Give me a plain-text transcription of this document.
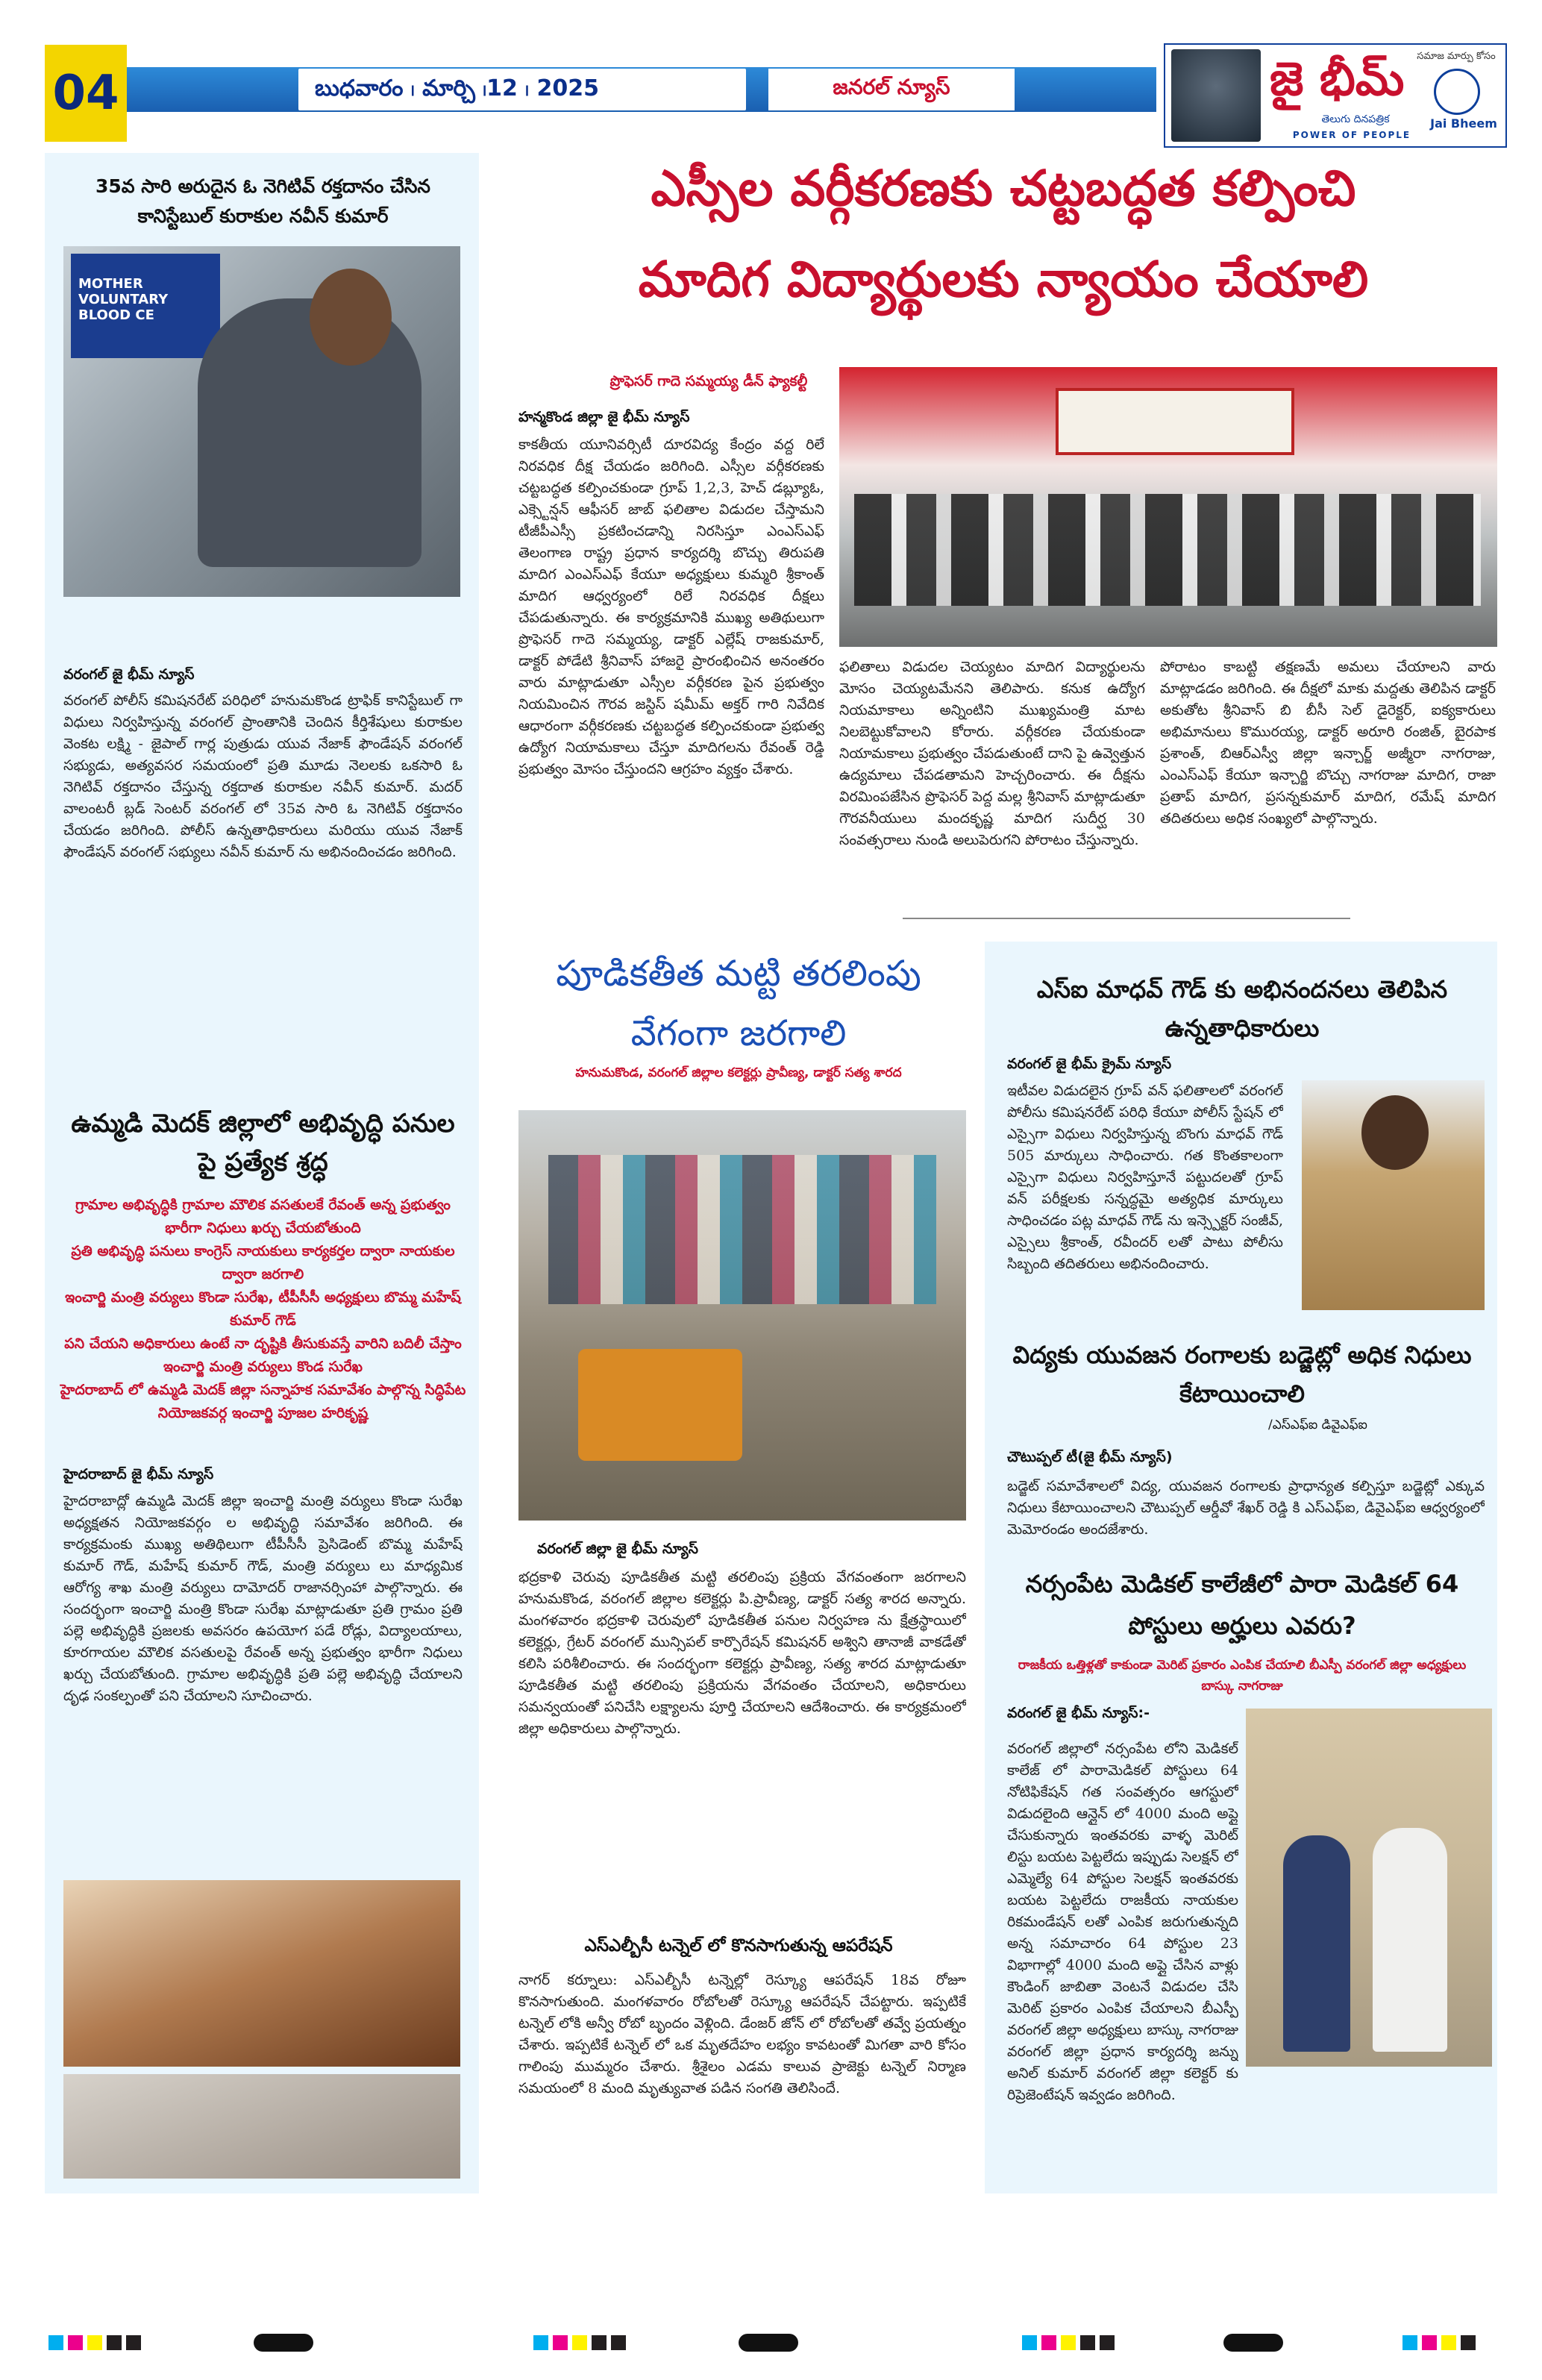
04	బుధవారం ၊ మార్చి ၊12 ၊ 2025	జనరల్ న్యూస్
సమాజ మార్పు కోసం
జై భీమ్
Jai Bheem
తెలుగు దినపత్రిక
POWER OF PEOPLE
35వ సారి అరుదైన ఓ నెగిటివ్ రక్తదానం చేసిన కానిస్టేబుల్ కురాకుల నవీన్ కుమార్
MOTHER
VOLUNTARY
BLOOD CE
వరంగల్ జై భీమ్ న్యూస్
వరంగల్ పోలీస్ కమిషనరేట్ పరిధిలో హనుమకొండ ట్రాఫిక్ కానిస్టేబుల్ గా విధులు నిర్వహిస్తున్న వరంగల్ ప్రాంతానికి చెందిన కీర్తిశేషులు కురాకుల వెంకట లక్ష్మి - జైపాల్ గార్ల పుత్రుడు యువ నేజాక్ ఫౌండేషన్ వరంగల్ సభ్యుడు, అత్యవసర సమయంలో ప్రతి మూడు నెలలకు ఒకసారి ఓ నెగిటివ్ రక్తదానం చేస్తున్న రక్తదాత కురాకుల నవీన్ కుమార్. మదర్ వాలంటరీ బ్లడ్ సెంటర్ వరంగల్ లో 35వ సారి ఓ నెగిటివ్ రక్తదానం చేయడం జరిగింది. పోలీస్ ఉన్నతాధికారులు మరియు యువ నేజాక్ ఫౌండేషన్ వరంగల్ సభ్యులు నవీన్ కుమార్ ను అభినందించడం జరిగింది.
ఉమ్మడి మెదక్ జిల్లాలో అభివృద్ధి పనుల పై ప్రత్యేక శ్రద్ధ
గ్రామాల అభివృద్ధికి గ్రామాల మౌలిక వసతులకే రేవంత్ అన్న ప్రభుత్వం భారీగా నిధులు ఖర్చు చేయబోతుంది
ప్రతి అభివృద్ధి పనులు కాంగ్రెస్ నాయకులు కార్యకర్తల ద్వారా నాయకుల ద్వారా జరగాలి
ఇంచార్జి మంత్రి వర్యులు కొండా సురేఖ, టీపీసీసీ అధ్యక్షులు బొమ్మ మహేష్ కుమార్ గౌడ్
పని చేయని అధికారులు ఉంటే నా దృష్టికి తీసుకువస్తే వారిని బదిలీ చేస్తాం
ఇంచార్జి మంత్రి వర్యులు కొండ సురేఖ
హైదరాబాద్ లో ఉమ్మడి మెదక్ జిల్లా సన్నాహక సమావేశం పాల్గొన్న సిద్ధిపేట నియోజకవర్గ ఇంచార్జి పూజల హరికృష్ణ
హైదరాబాద్ జై భీమ్ న్యూస్
హైదరాబాద్లో ఉమ్మడి మెదక్ జిల్లా ఇంచార్జి మంత్రి వర్యులు కొండా సురేఖ అధ్యక్షతన నియోజకవర్గం ల అభివృద్ధి సమావేశం జరిగింది. ఈ కార్యక్రమంకు ముఖ్య అతిథిలుగా టీపీసీసీ ప్రెసిడెంట్ బొమ్మ మహేష్ కుమార్ గౌడ్, మహేష్ కుమార్ గౌడ్, మంత్రి వర్యులు లు మాధ్యమిక ఆరోగ్య శాఖ మంత్రి వర్యులు దామోదర్ రాజానర్సింహా పాల్గొన్నారు. ఈ సందర్భంగా ఇంచార్జి మంత్రి కొండా సురేఖ మాట్లాడుతూ ప్రతి గ్రామం ప్రతి పల్లె అభివృద్ధికి ప్రజలకు అవసరం ఉపయోగ పడే రోడ్లు, విద్యాలయాలు, కూరగాయల మౌలిక వసతులపై రేవంత్ అన్న ప్రభుత్వం భారీగా నిధులు ఖర్చు చేయబోతుంది. గ్రామాల అభివృద్ధికి ప్రతి పల్లె అభివృద్ధి చేయాలని దృఢ సంకల్పంతో పని చేయాలని సూచించారు.
ఎస్సీల వర్గీకరణకు చట్టబద్ధత కల్పించి
మాదిగ విద్యార్థులకు న్యాయం చేయాలి
ప్రొఫెసర్ గాదె సమ్మయ్య డీన్ ఫ్యాకల్టీ
హన్మకొండ జిల్లా జై భీమ్ న్యూస్
కాకతీయ యూనివర్సిటీ దూరవిద్య కేంద్రం వద్ద రిలే నిరవధిక దీక్ష చేయడం జరిగింది. ఎస్సీల వర్గీకరణకు చట్టబద్ధత కల్పించకుండా గ్రూప్ 1,2,3, హెచ్ డబ్ల్యూఓ, ఎక్స్టెన్షన్ ఆఫీసర్ జాబ్ ఫలితాల విడుదల చేస్తామని టీజీపీఎస్సీ ప్రకటించడాన్ని నిరసిస్తూ ఎంఎస్ఎఫ్ తెలంగాణ రాష్ట్ర ప్రధాన కార్యదర్శి బొచ్చు తిరుపతి మాదిగ ఎంఎస్ఎఫ్ కేయూ అధ్యక్షులు కుమ్మరి శ్రీకాంత్ మాదిగ ఆధ్వర్యంలో రిలే నిరవధిక దీక్షలు చేపడుతున్నారు. ఈ కార్యక్రమానికి ముఖ్య అతిథులుగా ప్రొఫెసర్ గాదె సమ్మయ్య, డాక్టర్ ఎల్లేష్ రాజకుమార్, డాక్టర్ పోడేటి శ్రీనివాస్ హాజరై ప్రారంభించిన అనంతరం వారు మాట్లాడుతూ ఎస్సీల వర్గీకరణ పైన ప్రభుత్వం నియమించిన గౌరవ జస్టిస్ షమీమ్ అక్తర్ గారి నివేదిక ఆధారంగా వర్గీకరణకు చట్టబద్ధత కల్పించకుండా ప్రభుత్వ ఉద్యోగ నియామకాలు చేస్తూ మాదిగలను రేవంత్ రెడ్డి ప్రభుత్వం మోసం చేస్తుందని ఆగ్రహం వ్యక్తం చేశారు.
ఫలితాలు విడుదల చెయ్యటం మాదిగ విద్యార్థులను మోసం చెయ్యటమేనని తెలిపారు. కనుక ఉద్యోగ నియమాకాలు అన్నింటిని ముఖ్యమంత్రి మాట నిలబెట్టుకోవాలని కోరారు. వర్గీకరణ చేయకుండా నియామకాలు ప్రభుత్వం చేపడుతుంటే దాని పై ఉవ్వెత్తున ఉద్యమాలు చేపడతామని హెచ్చరించారు. ఈ దీక్షను విరమింపజేసిన ప్రొఫెసర్ పెద్ద మల్ల శ్రీనివాస్ మాట్లాడుతూ గౌరవనీయులు మందకృష్ణ మాదిగ సుదీర్ఘ 30 సంవత్సరాలు నుండి అలుపెరుగని పోరాటం చేస్తున్నారు.
పోరాటం కాబట్టి తక్షణమే అమలు చేయాలని వారు మాట్లాడడం జరిగింది. ఈ దీక్షలో మాకు మద్దతు తెలిపిన డాక్టర్ అకుతోట శ్రీనివాస్ బి బీసీ సెల్ డైరెక్టర్, ఐక్యకారులు అభిమానులు కొమురయ్య, డాక్టర్ అరూరి రంజిత్, బైరపాక ప్రశాంత్, బిఆర్ఎస్వీ జిల్లా ఇన్చార్జ్ అజ్మీరా నాగరాజు, ఎంఎస్ఎఫ్ కేయూ ఇన్చార్జి బొచ్చు నాగరాజు మాదిగ, రాజా ప్రతాప్ మాదిగ, ప్రసన్నకుమార్ మాదిగ, రమేష్ మాదిగ తదితరులు అధిక సంఖ్యలో పాల్గొన్నారు.
పూడికతీత మట్టి తరలింపు
వేగంగా జరగాలి
హనుమకొండ, వరంగల్ జిల్లాల కలెక్టర్లు ప్రావీణ్య, డాక్టర్ సత్య శారద
వరంగల్ జిల్లా జై భీమ్ న్యూస్
భద్రకాళి చెరువు పూడికతీత మట్టి తరలింపు ప్రక్రియ వేగవంతంగా జరగాలని హనుమకొండ, వరంగల్ జిల్లాల కలెక్టర్లు పి.ప్రావీణ్య, డాక్టర్ సత్య శారద అన్నారు. మంగళవారం భద్రకాళి చెరువులో పూడికతీత పనుల నిర్వహణ ను క్షేత్రస్థాయిలో కలెక్టర్లు, గ్రేటర్ వరంగల్ మున్సిపల్ కార్పొరేషన్ కమిషనర్ అశ్విని తానాజీ వాకడేతో కలిసి పరిశీలించారు. ఈ సందర్భంగా కలెక్టర్లు ప్రావీణ్య, సత్య శారద మాట్లాడుతూ పూడికతీత మట్టి తరలింపు ప్రక్రియను వేగవంతం చేయాలని, అధికారులు సమన్వయంతో పనిచేసి లక్ష్యాలను పూర్తి చేయాలని ఆదేశించారు. ఈ కార్యక్రమంలో జిల్లా అధికారులు పాల్గొన్నారు.
ఎస్ఎల్బీసీ టన్నెల్ లో కొనసాగుతున్న ఆపరేషన్
నాగర్ కర్నూలు: ఎస్ఎల్బీసీ టన్నెల్లో రెస్క్యూ ఆపరేషన్ 18వ రోజూ కొనసాగుతుంది. మంగళవారం రోబోలతో రెస్క్యూ ఆపరేషన్ చేపట్టారు. ఇప్పటికే టన్నెల్ లోకి అన్వీ రోబో బృందం వెళ్లింది. డేంజర్ జోన్ లో రోబోలతో తవ్వే ప్రయత్నం చేశారు. ఇప్పటికే టన్నెల్ లో ఒక మృతదేహం లభ్యం కావటంతో మిగతా వారి కోసం గాలింపు ముమ్మరం చేశారు. శ్రీశైలం ఎడమ కాలువ ప్రాజెక్టు టన్నెల్ నిర్మాణ సమయంలో 8 మంది మృత్యువాత పడిన సంగతి తెలిసిందే.
ఎస్ఐ మాధవ్ గౌడ్ కు అభినందనలు తెలిపిన ఉన్నతాధికారులు
వరంగల్ జై భీమ్ క్రైమ్ న్యూస్
ఇటీవల విడుదలైన గ్రూప్ వన్ ఫలితాలలో వరంగల్ పోలీసు కమిషనరేట్ పరిధి కేయూ పోలీస్ స్టేషన్ లో ఎస్సైగా విధులు నిర్వహిస్తున్న బొంగు మాధవ్ గౌడ్ 505 మార్కులు సాధించారు. గత కొంతకాలంగా ఎస్సైగా విధులు నిర్వహిస్తూనే పట్టుదలతో గ్రూప్ వన్ పరీక్షలకు సన్నద్ధమై అత్యధిక మార్కులు సాధించడం పట్ల మాధవ్ గౌడ్ ను ఇన్స్పెక్టర్ సంజీవ్, ఎస్సైలు శ్రీకాంత్, రవీందర్ లతో పాటు పోలీసు సిబ్బంది తదితరులు అభినందించారు.
విద్యకు యువజన రంగాలకు బడ్జెట్లో అధిక నిధులు కేటాయించాలి
/ఎస్ఎఫ్ఐ డివైఎఫ్ఐ
చౌటుప్పల్ టీ(జై భీమ్ న్యూస్)
బడ్జెట్ సమావేశాలలో విద్య, యువజన రంగాలకు ప్రాధాన్యత కల్పిస్తూ బడ్జెట్లో ఎక్కువ నిధులు కేటాయించాలని చౌటుప్పల్ ఆర్డీవో శేఖర్ రెడ్డి కి ఎస్ఎఫ్ఐ, డివైఎఫ్ఐ ఆధ్వర్యంలో మెమోరండం అందజేశారు.
నర్సంపేట మెడికల్ కాలేజీలో పారా మెడికల్ 64 పోస్టులు అర్హులు ఎవరు?
రాజకీయ ఒత్తిళ్లతో కాకుండా మెరిట్ ప్రకారం ఎంపిక చేయాలి బీఎస్పీ వరంగల్ జిల్లా అధ్యక్షులు బాస్కు నాగరాజు
వరంగల్ జై భీమ్ న్యూస్:-
వరంగల్ జిల్లాలో నర్సంపేట లోని మెడికల్ కాలేజ్ లో పారామెడికల్ పోస్టులు 64 నోటిఫికేషన్ గత సంవత్సరం ఆగస్టులో విడుదలైంది ఆన్లైన్ లో 4000 మంది అప్లై చేసుకున్నారు ఇంతవరకు వాళ్ళ మెరిట్ లిస్టు బయట పెట్టలేదు ఇప్పుడు సెలక్షన్ లో ఎమ్మెల్యే 64 పోస్టుల సెలక్షన్ ఇంతవరకు బయట పెట్టలేదు రాజకీయ నాయకుల రికమండేషన్ లతో ఎంపిక జరుగుతున్నది అన్న సమాచారం 64 పోస్టుల 23 విభాగాల్లో 4000 మంది అప్లై చేసిన వాళ్లు కౌండింగ్ జాబితా వెంటనే విడుదల చేసి మెరిట్ ప్రకారం ఎంపిక చేయాలని బీఎస్పీ వరంగల్ జిల్లా అధ్యక్షులు బాస్కు నాగరాజు వరంగల్ జిల్లా ప్రధాన కార్యదర్శి జన్ను అనిల్ కుమార్ వరంగల్ జిల్లా కలెక్టర్ కు రిప్రెజెంటేషన్ ఇవ్వడం జరిగింది.
